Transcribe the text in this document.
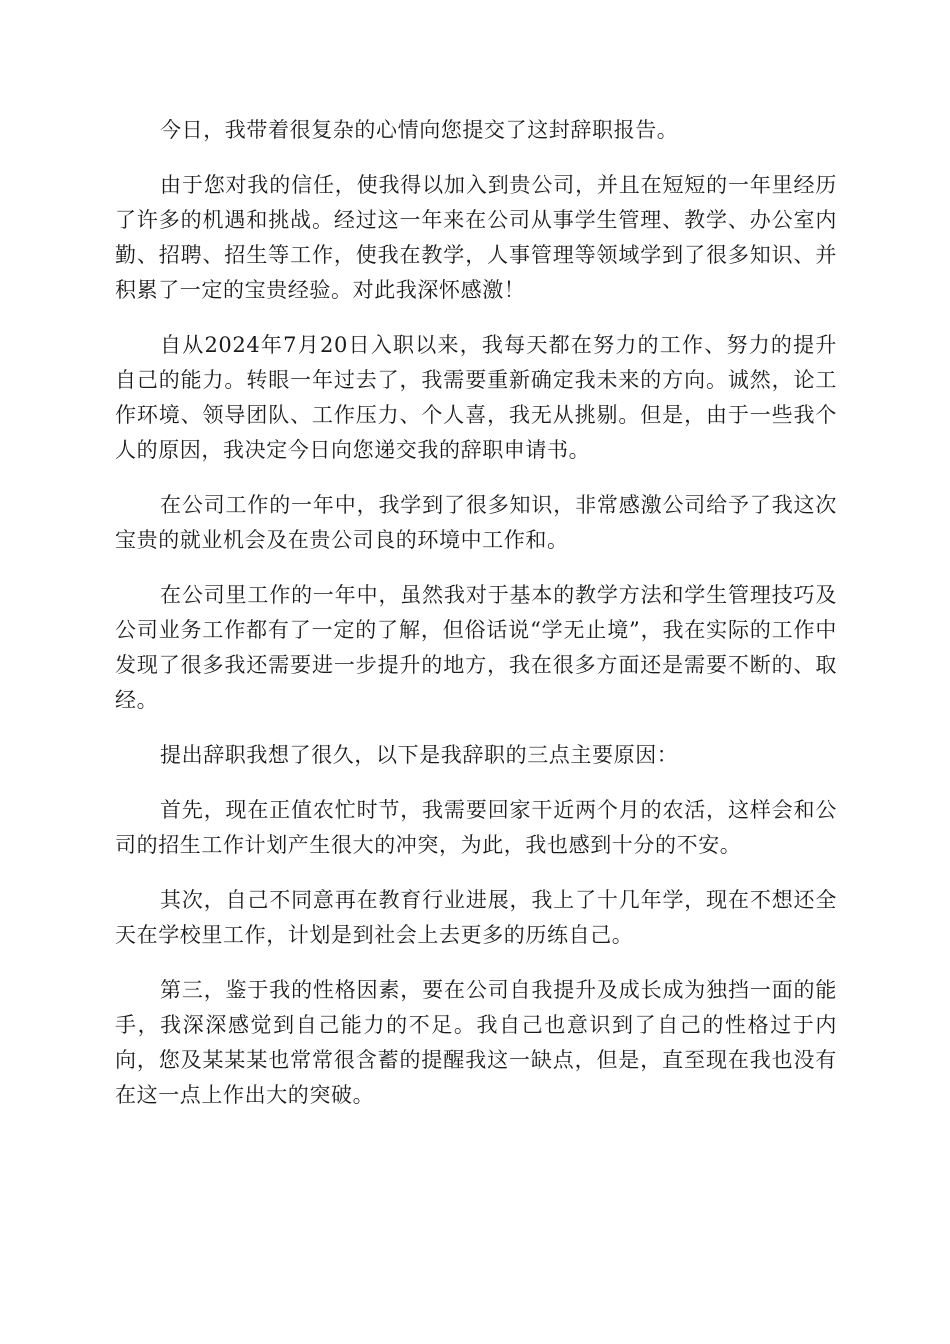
今日，我带着很复杂的心情向您提交了这封辞职报告。

由于您对我的信任，使我得以加入到贵公司，并且在短短的一年里经历了许多的机遇和挑战。经过这一年来在公司从事学生管理、教学、办公室内勤、招聘、招生等工作，使我在教学，人事管理等领域学到了很多知识、并积累了一定的宝贵经验。对此我深怀感激！

自从2024年7月20日入职以来，我每天都在努力的工作、努力的提升自己的能力。转眼一年过去了，我需要重新确定我未来的方向。诚然，论工作环境、领导团队、工作压力、个人喜，我无从挑剔。但是，由于一些我个人的原因，我决定今日向您递交我的辞职申请书。

在公司工作的一年中，我学到了很多知识，非常感激公司给予了我这次宝贵的就业机会及在贵公司良的环境中工作和。

在公司里工作的一年中，虽然我对于基本的教学方法和学生管理技巧及公司业务工作都有了一定的了解，但俗话说“学无止境”，我在实际的工作中发现了很多我还需要进一步提升的地方，我在很多方面还是需要不断的、取经。

提出辞职我想了很久，以下是我辞职的三点主要原因：

首先，现在正值农忙时节，我需要回家干近两个月的农活，这样会和公司的招生工作计划产生很大的冲突，为此，我也感到十分的不安。

其次，自己不同意再在教育行业进展，我上了十几年学，现在不想还全天在学校里工作，计划是到社会上去更多的历练自己。

第三，鉴于我的性格因素，要在公司自我提升及成长成为独挡一面的能手，我深深感觉到自己能力的不足。我自己也意识到了自己的性格过于内向，您及某某某也常常很含蓄的提醒我这一缺点，但是，直至现在我也没有在这一点上作出大的突破。
